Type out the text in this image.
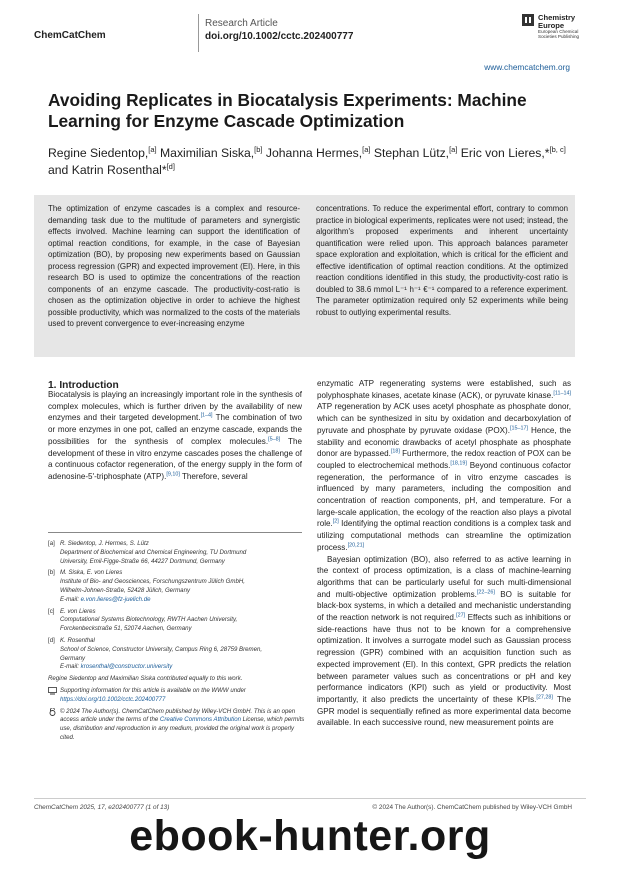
ChemCatChem
Research Article
doi.org/10.1002/cctc.202400777
Chemistry
Europe
European Chemical Societies Publishing
www.chemcatchem.org
Avoiding Replicates in Biocatalysis Experiments: Machine Learning for Enzyme Cascade Optimization
Regine Siedentop,[a] Maximilian Siska,[b] Johanna Hermes,[a] Stephan Lütz,[a] Eric von Lieres,*[b, c] and Katrin Rosenthal*[d]
The optimization of enzyme cascades is a complex and resource-demanding task due to the multitude of parameters and synergistic effects involved. Machine learning can support the identification of optimal reaction conditions, for example, in the case of Bayesian optimization (BO), by proposing new experiments based on Gaussian process regression (GPR) and expected improvement (EI). Here, in this research BO is used to optimize the concentrations of the reaction components of an enzyme cascade. The productivity-cost-ratio is chosen as the optimization objective in order to achieve the highest possible productivity, which was normalized to the costs of the materials used to prevent convergence to ever-increasing enzyme
concentrations. To reduce the experimental effort, contrary to common practice in biological experiments, replicates were not used; instead, the algorithm's proposed experiments and inherent uncertainty quantification were relied upon. This approach balances parameter space exploration and exploitation, which is critical for the efficient and effective identification of optimal reaction conditions. At the optimized reaction conditions identified in this study, the productivity-cost ratio is doubled to 38.6 mmol L⁻¹ h⁻¹ €⁻¹ compared to a reference experiment. The parameter optimization required only 52 experiments while being robust to outlying experimental results.
1. Introduction

Biocatalysis is playing an increasingly important role in the synthesis of complex molecules, which is further driven by the availability of new enzymes and their targeted development.[1–4] The combination of two or more enzymes in one pot, called an enzyme cascade, expands the possibilities for the synthesis of complex molecules.[5–8] The development of these in vitro enzyme cascades poses the challenge of a continuous cofactor regeneration, of the energy supply in the form of adenosine-5'-triphosphate (ATP).[9,10] Therefore, several

[a] R. Siedentop, J. Hermes, S. Lütz
Department of Biochemical and Chemical Engineering, TU Dortmund
University, Emil-Figge-Straße 66, 44227 Dortmund, Germany
[b] M. Siska, E. von Lieres
Institute of Bio- and Geosciences, Forschungszentrum Jülich GmbH,
Wilhelm-Johnen-Straße, 52428 Jülich, Germany
E-mail: e.von.lieres@fz-juelich.de
[c] E. von Lieres
Computational Systems Biotechnology, RWTH Aachen University,
Forckenbeckstraße 51, 52074 Aachen, Germany
[d] K. Rosenthal
School of Science, Constructor University, Campus Ring 6, 28759 Bremen,
Germany
E-mail: krosenthal@constructor.university
Regine Siedentop and Maximilian Siska contributed equally to this work.
Supporting information for this article is available on the WWW under
https://doi.org/10.1002/cctc.202400777
© 2024 The Author(s). ChemCatChem published by Wiley-VCH GmbH. This is an open access article under the terms of the Creative Commons Attribution License, which permits use, distribution and reproduction in any medium, provided the original work is properly cited.

enzymatic ATP regenerating systems were established, such as polyphosphate kinases, acetate kinase (ACK), or pyruvate kinase.[11–14] ATP regeneration by ACK uses acetyl phosphate as phosphate donor, which can be synthesized in situ by oxidation and decarboxylation of pyruvate and phosphate by pyruvate oxidase (POX).[15–17] Hence, the stability and economic drawbacks of acetyl phosphate as phosphate donor are bypassed.[18] Furthermore, the redox reaction of POX can be coupled to electrochemical methods.[18,19] Beyond continuous cofactor regeneration, the performance of in vitro enzyme cascades is influenced by many parameters, including the composition and concentration of reaction components, pH, and temperature. For a large-scale application, the ecology of the reaction also plays a pivotal role.[2] Identifying the optimal reaction conditions is a complex task and utilizing computational methods can streamline the optimization process.[20,21]

Bayesian optimization (BO), also referred to as active learning in the context of process optimization, is a class of machine-learning algorithms that can be particularly useful for such multi-dimensional and multi-objective optimization problems.[22–26] BO is suitable for black-box systems, in which a detailed and mechanistic understanding of the reaction network is not required.[27] Effects such as inhibitions or side-reactions have thus not to be known for a comprehensive optimization. It involves a surrogate model such as Gaussian process regression (GPR) combined with an acquisition function such as expected improvement (EI). In this context, GPR predicts the relation between parameter values such as concentrations or pH and key performance indicators (KPI) such as yield or productivity. Most importantly, it also predicts the uncertainty of these KPIs.[27,28] The GPR model is sequentially refined as more experimental data become available. In each successive round, new measurement points are

ChemCatChem 2025, 17, e202400777 (1 of 13)	© 2024 The Author(s). ChemCatChem published by Wiley-VCH GmbH
ebook-hunter.org
